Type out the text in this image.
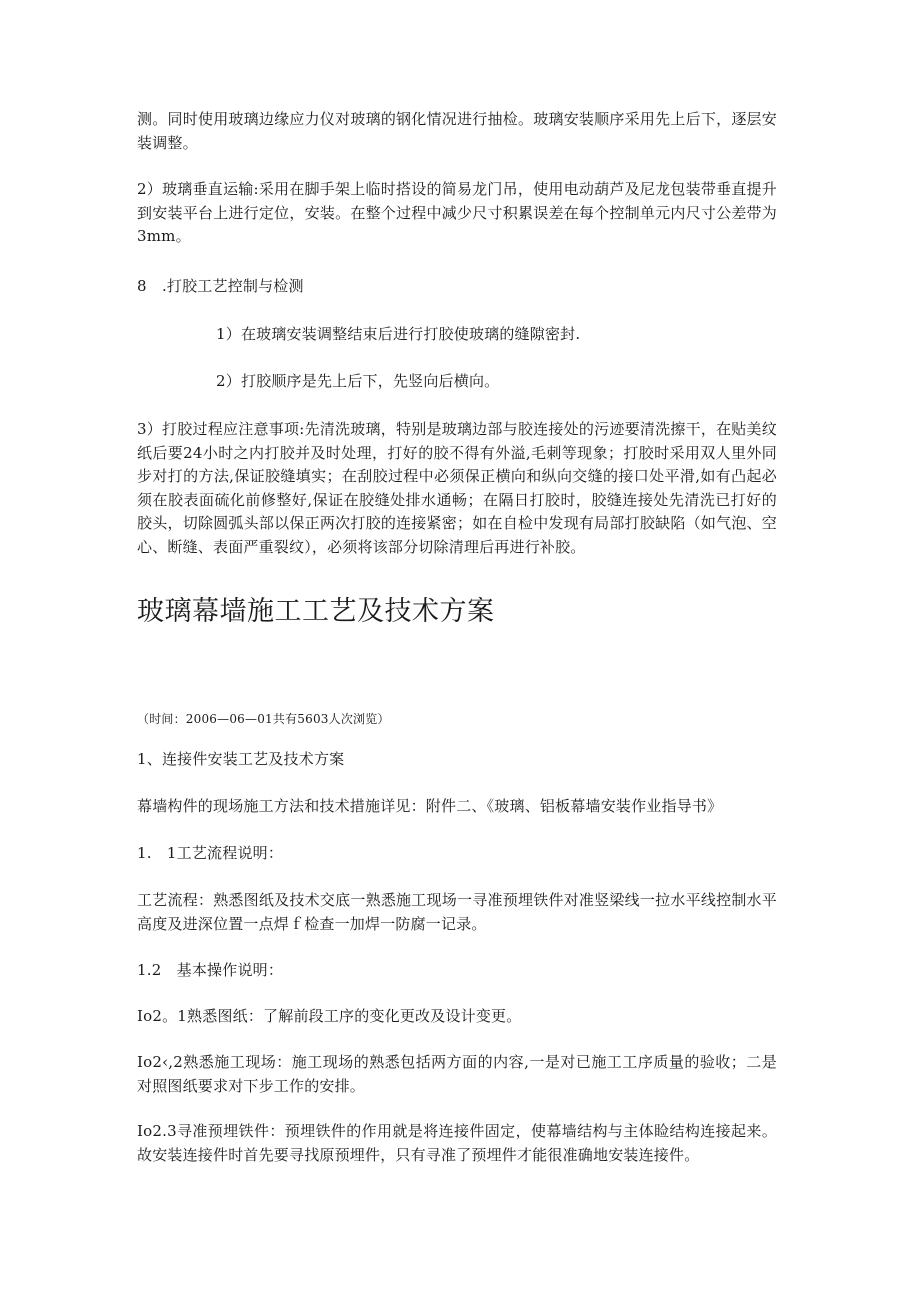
测。同时使用玻璃边缘应力仪对玻璃的钢化情况进行抽检。玻璃安装顺序采用先上后下，逐层安装调整。

2）玻璃垂直运输:采用在脚手架上临时搭设的简易龙门吊，使用电动葫芦及尼龙包装带垂直提升到安装平台上进行定位，安装。在整个过程中减少尺寸积累误差在每个控制单元内尺寸公差带为3mm。

8　.打胶工艺控制与检测

1）在玻璃安装调整结束后进行打胶使玻璃的缝隙密封.

2）打胶顺序是先上后下，先竖向后横向。

3）打胶过程应注意事项:先清洗玻璃，特别是玻璃边部与胶连接处的污迹要清洗擦干，在贴美纹纸后要24小时之内打胶并及时处理，打好的胶不得有外溢,毛刺等现象；打胶时采用双人里外同步对打的方法,保证胶缝填实；在刮胶过程中必须保正横向和纵向交缝的接口处平滑,如有凸起必须在胶表面硫化前修整好,保证在胶缝处排水通畅；在隔日打胶时，胶缝连接处先清洗已打好的胶头，切除圆弧头部以保正两次打胶的连接紧密；如在自检中发现有局部打胶缺陷（如气泡、空心、断缝、表面严重裂纹），必须将该部分切除清理后再进行补胶。

玻璃幕墙施工工艺及技术方案

（时间：2006—06—01共有5603人次浏览）

1、连接件安装工艺及技术方案

幕墙构件的现场施工方法和技术措施详见：附件二、《玻璃、铝板幕墙安装作业指导书》

1.　1工艺流程说明：

工艺流程：熟悉图纸及技术交底一熟悉施工现场一寻准预埋铁件对准竖梁线一拉水平线控制水平高度及进深位置一点焊ｆ检查一加焊一防腐一记录。

1.2　基本操作说明：

Io2。1熟悉图纸：了解前段工序的变化更改及设计变更。

Io2‹,2熟悉施工现场：施工现场的熟悉包括两方面的内容,一是对已施工工序质量的验收；二是对照图纸要求对下步工作的安排。

Io2.3寻准预埋铁件：预埋铁件的作用就是将连接件固定，使幕墙结构与主体睑结构连接起来。故安装连接件时首先要寻找原预埋件，只有寻准了预埋件才能很准确地安装连接件。
